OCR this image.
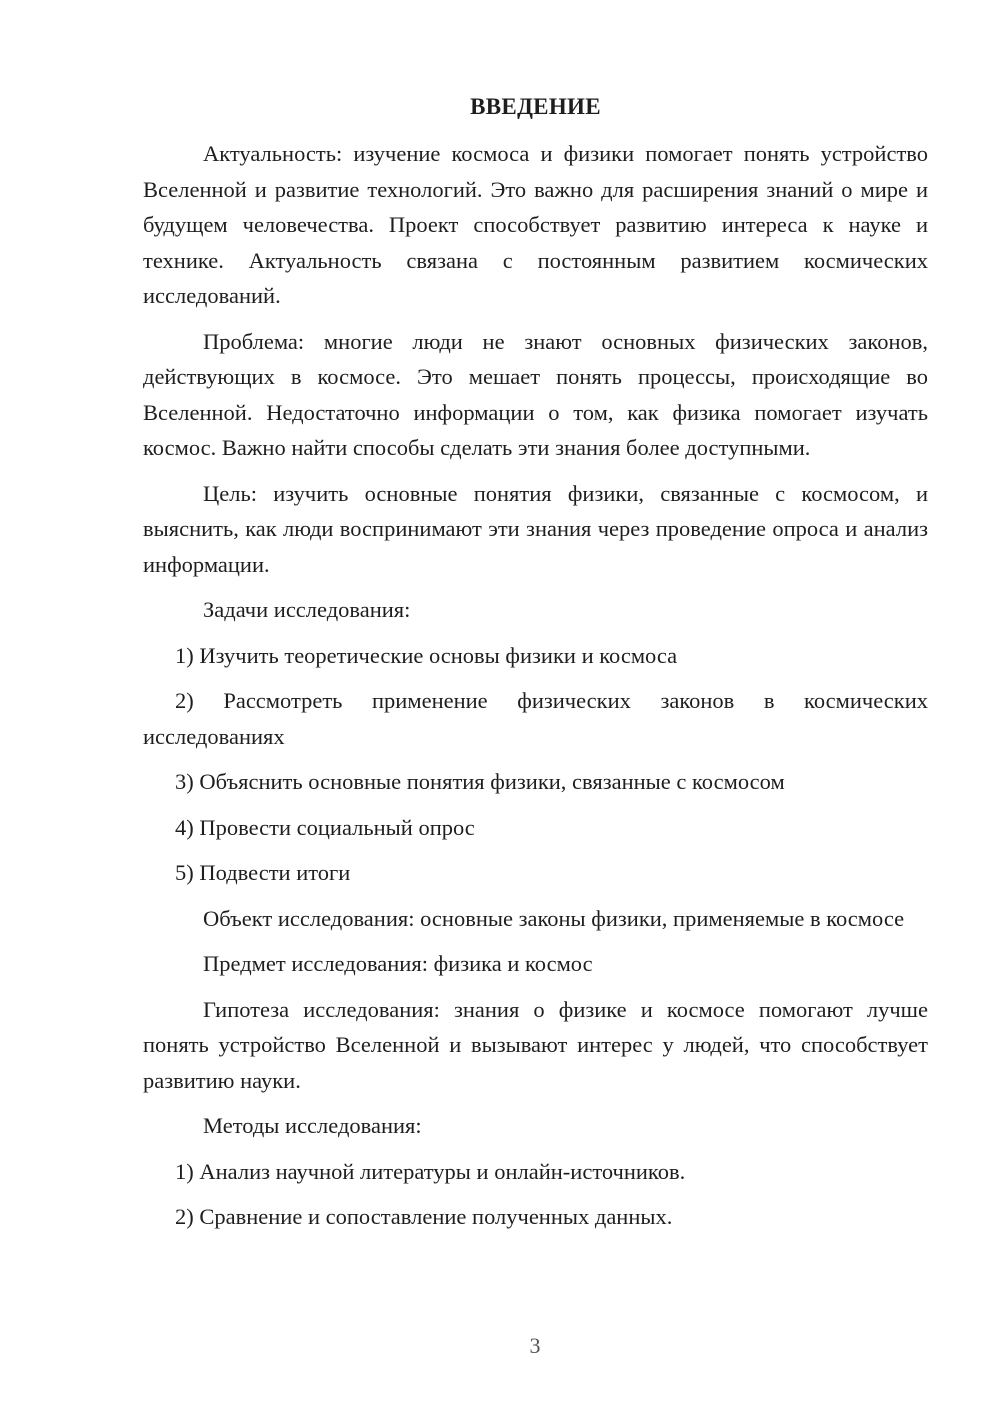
ВВЕДЕНИЕ

Актуальность: изучение космоса и физики помогает понять устройство Вселенной и развитие технологий. Это важно для расширения знаний о мире и будущем человечества. Проект способствует развитию интереса к науке и технике. Актуальность связана с постоянным развитием космических исследований.

Проблема: многие люди не знают основных физических законов, действующих в космосе. Это мешает понять процессы, происходящие во Вселенной. Недостаточно информации о том, как физика помогает изучать космос. Важно найти способы сделать эти знания более доступными.

Цель: изучить основные понятия физики, связанные с космосом, и выяснить, как люди воспринимают эти знания через проведение опроса и анализ информации.

Задачи исследования:

1) Изучить теоретические основы физики и космоса

2) Рассмотреть применение физических законов в космических исследованиях

3) Объяснить основные понятия физики, связанные с космосом

4) Провести социальный опрос

5) Подвести итоги

Объект исследования: основные законы физики, применяемые в космосе

Предмет исследования: физика и космос

Гипотеза исследования: знания о физике и космосе помогают лучше понять устройство Вселенной и вызывают интерес у людей, что способствует развитию науки.

Методы исследования:

1) Анализ научной литературы и онлайн-источников.

2) Сравнение и сопоставление полученных данных.

3
